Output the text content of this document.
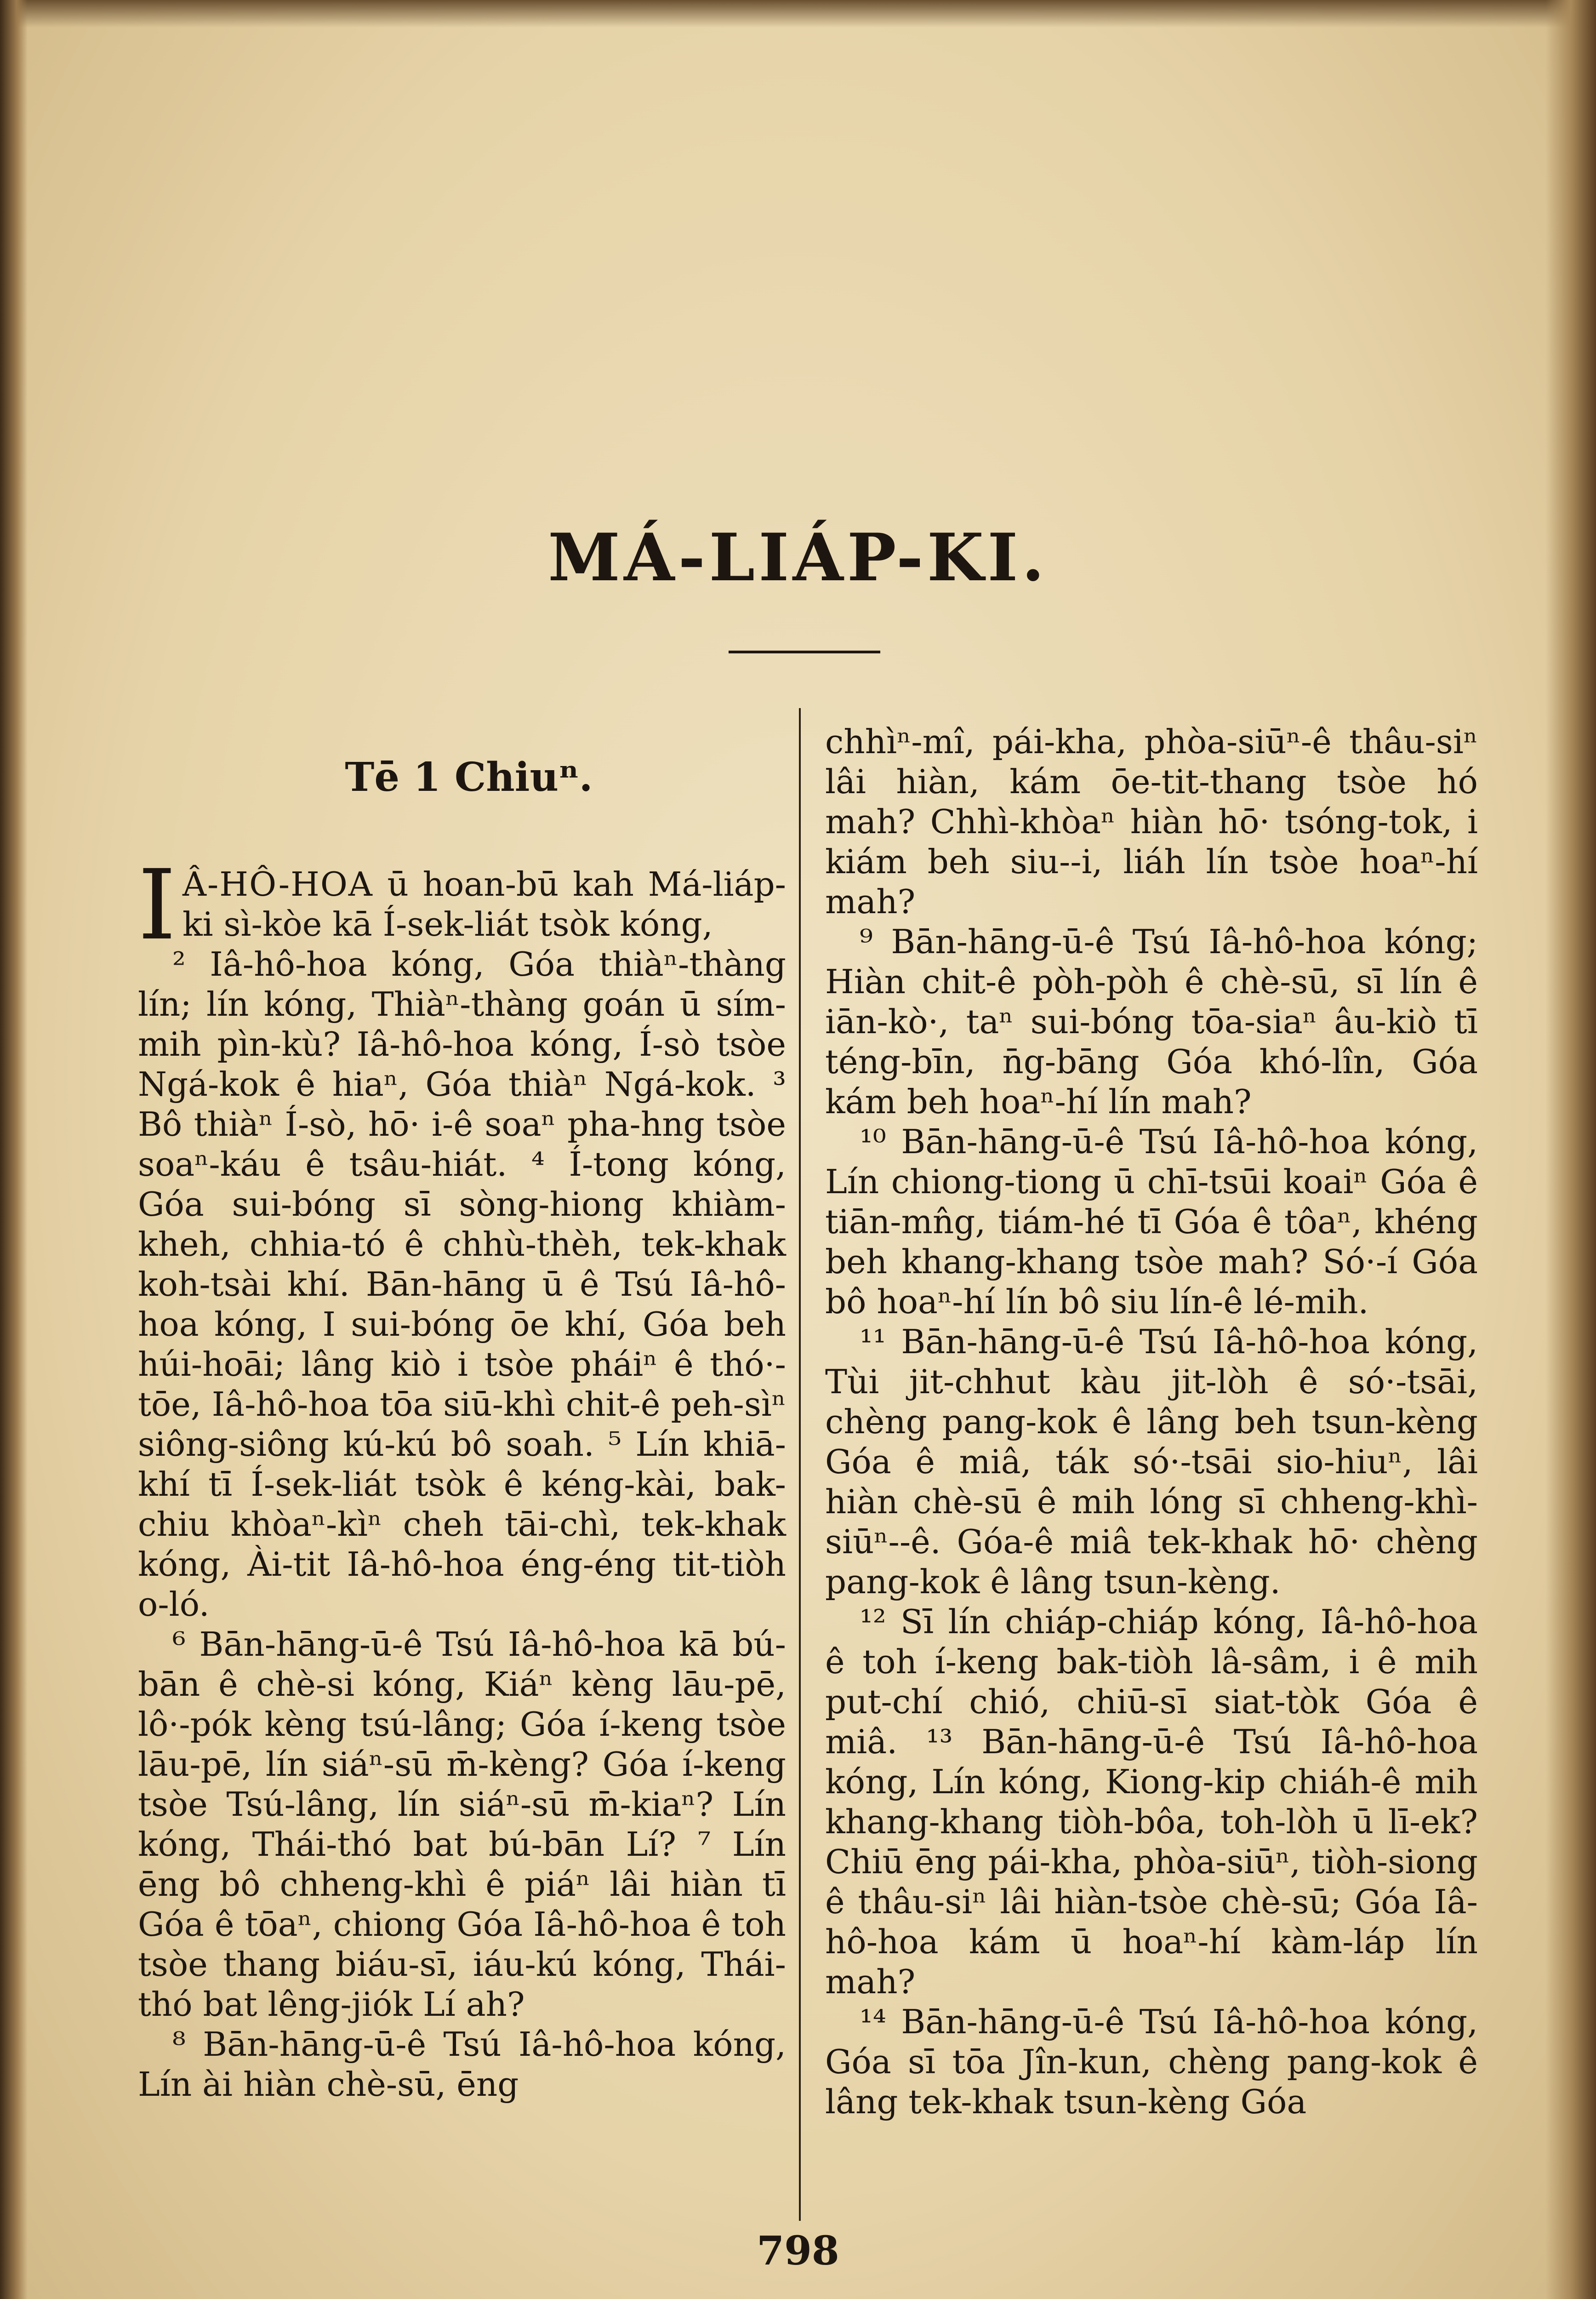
MÁ-LIÁP-KI.
Tē 1 Chiuⁿ.

I Â-HÔ-HOA ū hoan-bū kah Má-liáp-ki sì-kòe kā Í-sek-liát tsòk kóng,

² Iâ-hô-hoa kóng, Góa thiàⁿ-thàng lín; lín kóng, Thiàⁿ-thàng goán ū sím-mih pìn-kù? Iâ-hô-hoa kóng, Í-sò tsòe Ngá-kok ê hiaⁿ, Góa thiàⁿ Ngá-kok. ³ Bô thiàⁿ Í-sò, hō· i-ê soaⁿ pha-hng tsòe soaⁿ-káu ê tsâu-hiát. ⁴ Í-tong kóng, Góa sui-bóng sī sòng-hiong khiàm-kheh, chhia-tó ê chhù-thèh, tek-khak koh-tsài khí. Bān-hāng ū ê Tsú Iâ-hô-hoa kóng, I sui-bóng ōe khí, Góa beh húi-hoāi; lâng kiò i tsòe pháiⁿ ê thó·-tōe, Iâ-hô-hoa tōa siū-khì chit-ê peh-sìⁿ siông-siông kú-kú bô soah. ⁵ Lín khiā-khí tī Í-sek-liát tsòk ê kéng-kài, bak-chiu khòaⁿ-kìⁿ cheh tāi-chì, tek-khak kóng, Ài-tit Iâ-hô-hoa éng-éng tit-tiòh o-ló.

⁶ Bān-hāng-ū-ê Tsú Iâ-hô-hoa kā bú-bān ê chè-si kóng, Kiáⁿ kèng lāu-pē, lô·-pók kèng tsú-lâng; Góa í-keng tsòe lāu-pē, lín siáⁿ-sū m̄-kèng? Góa í-keng tsòe Tsú-lâng, lín siáⁿ-sū m̄-kiaⁿ? Lín kóng, Thái-thó bat bú-bān Lí? ⁷ Lín ēng bô chheng-khì ê piáⁿ lâi hiàn tī Góa ê tōaⁿ, chiong Góa Iâ-hô-hoa ê toh tsòe thang biáu-sī, iáu-kú kóng, Thái-thó bat lêng-jiók Lí ah?

⁸ Bān-hāng-ū-ê Tsú Iâ-hô-hoa kóng, Lín ài hiàn chè-sū, ēng

chhìⁿ-mî, pái-kha, phòa-siūⁿ-ê thâu-siⁿ lâi hiàn, kám ōe-tit-thang tsòe hó mah? Chhì-khòaⁿ hiàn hō· tsóng-tok, i kiám beh siu--i, liáh lín tsòe hoaⁿ-hí mah?

⁹ Bān-hāng-ū-ê Tsú Iâ-hô-hoa kóng; Hiàn chit-ê pòh-pòh ê chè-sū, sī lín ê iān-kò·, taⁿ sui-bóng tōa-siaⁿ âu-kiò tī téng-bīn, n̄g-bāng Góa khó-lîn, Góa kám beh hoaⁿ-hí lín mah?

¹⁰ Bān-hāng-ū-ê Tsú Iâ-hô-hoa kóng, Lín chiong-tiong ū chī-tsūi koaiⁿ Góa ê tiān-mn̂g, tiám-hé tī Góa ê tôaⁿ, khéng beh khang-khang tsòe mah? Só·-í Góa bô hoaⁿ-hí lín bô siu lín-ê lé-mih.

¹¹ Bān-hāng-ū-ê Tsú Iâ-hô-hoa kóng, Tùi jit-chhut kàu jit-lòh ê só·-tsāi, chèng pang-kok ê lâng beh tsun-kèng Góa ê miâ, ták só·-tsāi sio-hiuⁿ, lâi hiàn chè-sū ê mih lóng sī chheng-khì-siūⁿ--ê. Góa-ê miâ tek-khak hō· chèng pang-kok ê lâng tsun-kèng.

¹² Sī lín chiáp-chiáp kóng, Iâ-hô-hoa ê toh í-keng bak-tiòh lâ-sâm, i ê mih put-chí chió, chiū-sī siat-tòk Góa ê miâ. ¹³ Bān-hāng-ū-ê Tsú Iâ-hô-hoa kóng, Lín kóng, Kiong-kip chiáh-ê mih khang-khang tiòh-bôa, toh-lòh ū lī-ek? Chiū ēng pái-kha, phòa-siūⁿ, tiòh-siong ê thâu-siⁿ lâi hiàn-tsòe chè-sū; Góa Iâ-hô-hoa kám ū hoaⁿ-hí kàm-láp lín mah?

¹⁴ Bān-hāng-ū-ê Tsú Iâ-hô-hoa kóng, Góa sī tōa Jîn-kun, chèng pang-kok ê lâng tek-khak tsun-kèng Góa

798
